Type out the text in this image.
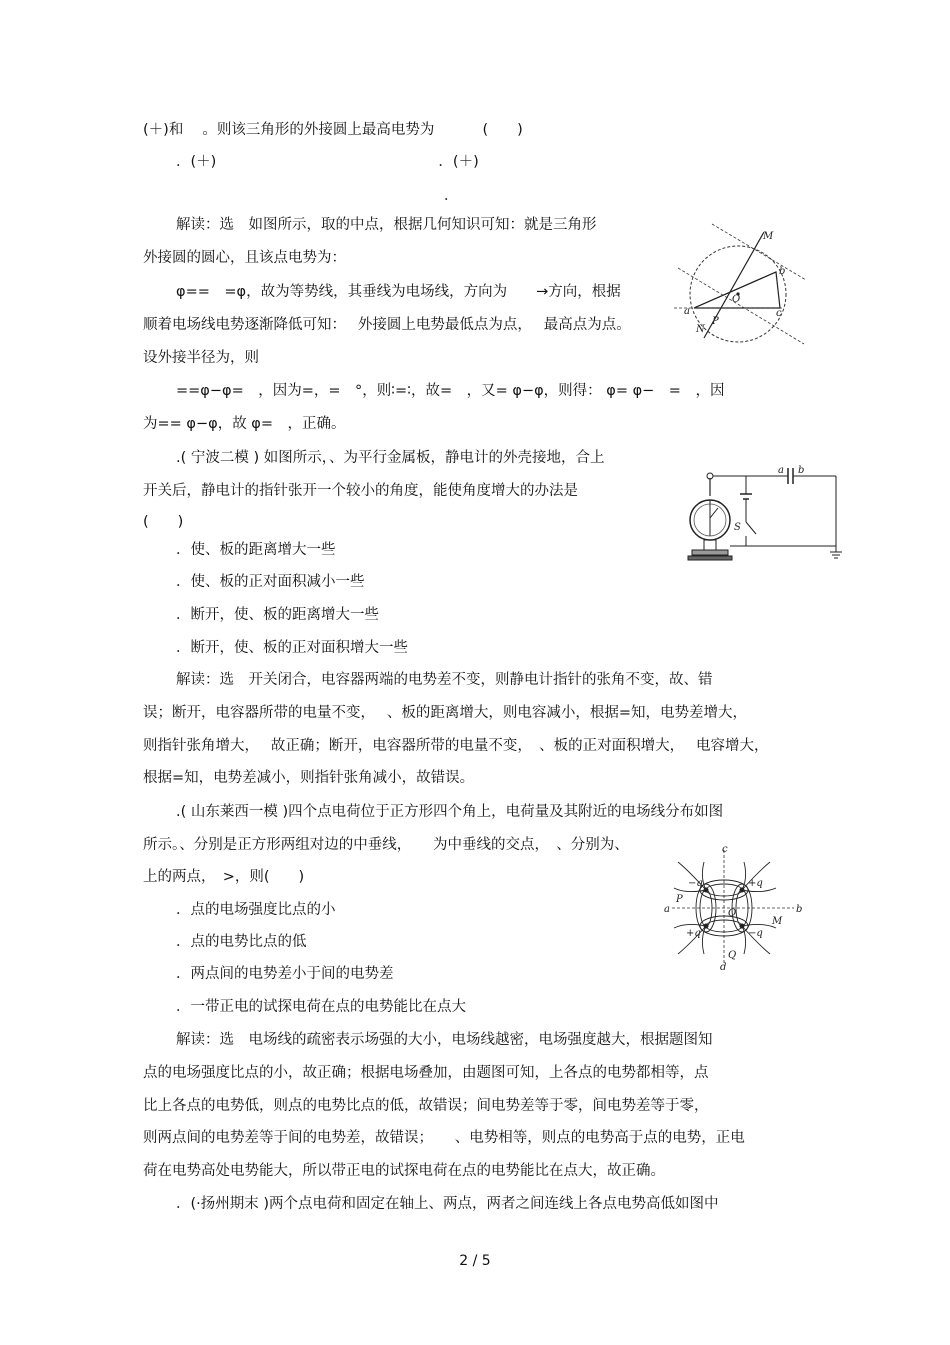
(＋)和　 。则该三角形的外接圆上最高电势为　　　 (　　)
．(＋)　　　　　　　　　　　　　　　 ．(＋)
．
解读：选　如图所示，取的中点，根据几何知识可知：就是三角形
外接圆的圆心，且该点电势为：
φ==　=φ，故为等势线，其垂线为电场线，方向为　　→方向，根据
顺着电场线电势逐渐降低可知：　 外接圆上电势最低点为点，　 最高点为点。
设外接半径为，则
==φ−φ=　，因为=，=　°，则∶=∶，故=　，又= φ−φ，则得： φ= φ−　=　，因
为== φ−φ，故 φ=　，正确。
.( 宁波二模 ) 如图所示，、为平行金属板，静电计的外壳接地，合上
开关后，静电计的指针张开一个较小的角度，能使角度增大的办法是
(　　)
．使、板的距离增大一些
．使、板的正对面积减小一些
．断开，使、板的距离增大一些
．断开，使、板的正对面积增大一些
解读：选　开关闭合，电容器两端的电势差不变，则静电计指针的张角不变，故、错
误；断开，电容器所带的电量不变，　 、板的距离增大，则电容减小，根据=知，电势差增大，
则指针张角增大，　 故正确；断开，电容器所带的电量不变，　、板的正对面积增大，　 电容增大，
根据=知，电势差减小，则指针张角减小，故错误。
.( 山东莱西一模 )四个点电荷位于正方形四个角上，电荷量及其附近的电场线分布如图
所示。、分别是正方形两组对边的中垂线，　　为中垂线的交点，　、分别为、
上的两点，　>，则(　　)
．点的电场强度比点的小
．点的电势比点的低
．两点间的电势差小于间的电势差
．一带正电的试探电荷在点的电势能比在点大
解读：选　电场线的疏密表示场强的大小，电场线越密，电场强度越大，根据题图知
点的电场强度比点的小，故正确；根据电场叠加，由题图可知，上各点的电势都相等，点
比上各点的电势低，则点的电势比点的低，故错误；间电势差等于零，间电势差等于零，
则两点间的电势差等于间的电势差，故错误；　　、电势相等，则点的电势高于点的电势，正电
荷在电势高处电势能大，所以带正电的试探电荷在点的电势能比在点大，故正确。
．(·扬州期末 )两个点电荷和固定在轴上、两点，两者之间连线上各点电势高低如图中
M
b
O
a	c
N
P
a b
S
c
d
a	b
P
O
M
Q
−q	+q
+q	−q
2 / 5
